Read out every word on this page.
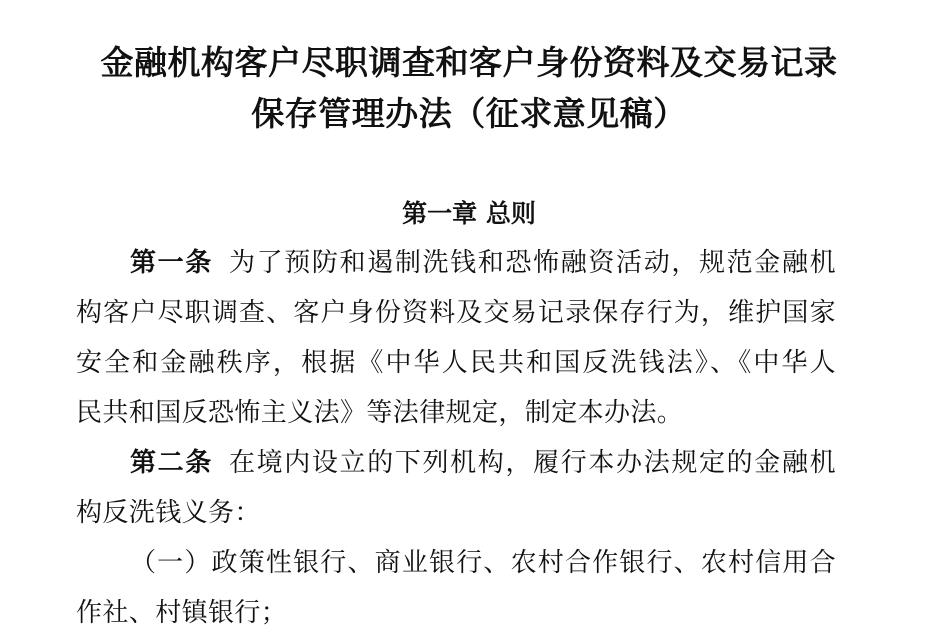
金融机构客户尽职调查和客户身份资料及交易记录
保存管理办法（征求意见稿）
第一章 总则
第一条 为了预防和遏制洗钱和恐怖融资活动，规范金融机
构客户尽职调查、客户身份资料及交易记录保存行为，维护国家
安全和金融秩序，根据《中华人民共和国反洗钱法》、《中华人
民共和国反恐怖主义法》等法律规定，制定本办法。
第二条 在境内设立的下列机构，履行本办法规定的金融机
构反洗钱义务：
（一）政策性银行、商业银行、农村合作银行、农村信用合
作社、村镇银行；
